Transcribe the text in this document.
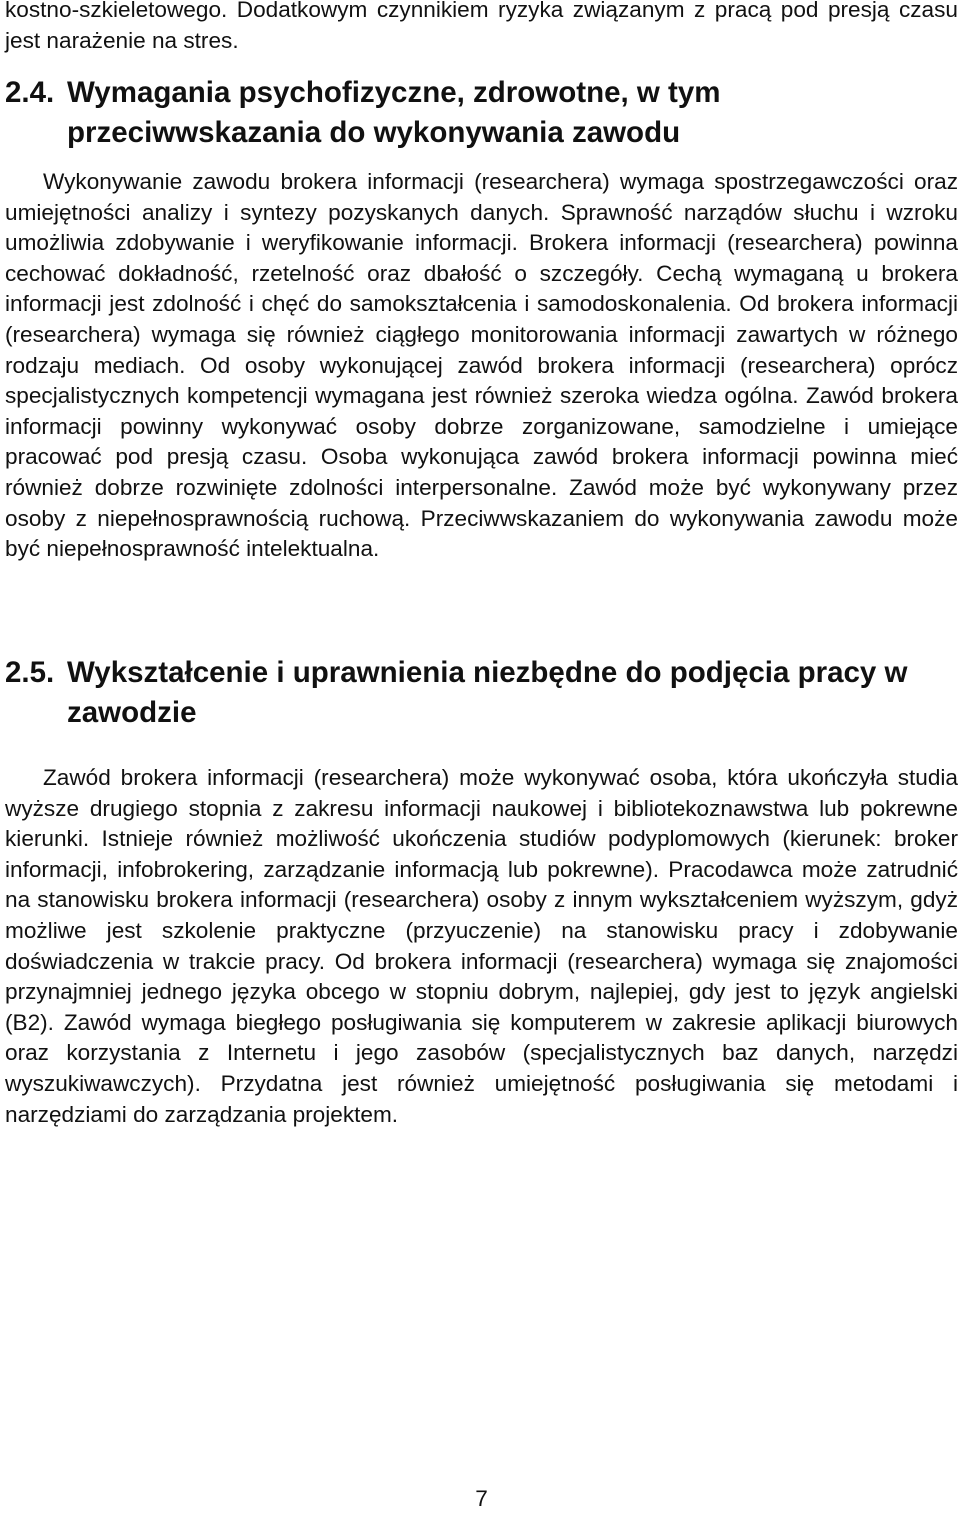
kostno-szkieletowego. Dodatkowym czynnikiem ryzyka związanym z pracą pod presją czasu jest narażenie na stres.

2.4. Wymagania psychofizyczne, zdrowotne, w tym przeciwwskazania do wykonywania zawodu

Wykonywanie zawodu brokera informacji (researchera) wymaga spostrzegawczości oraz umiejętności analizy i syntezy pozyskanych danych. Sprawność narządów słuchu i wzroku umożliwia zdobywanie i weryfikowanie informacji. Brokera informacji (researchera) powinna cechować dokładność, rzetelność oraz dbałość o szczegóły. Cechą wymaganą u brokera informacji jest zdolność i chęć do samokształcenia i samodoskonalenia. Od brokera informacji (researchera) wymaga się również ciągłego monitorowania informacji zawartych w różnego rodzaju mediach. Od osoby wykonującej zawód brokera informacji (researchera) oprócz specjalistycznych kompetencji wymagana jest również szeroka wiedza ogólna. Zawód brokera informacji powinny wykonywać osoby dobrze zorganizowane, samodzielne i umiejące pracować pod presją czasu. Osoba wykonująca zawód brokera informacji powinna mieć również dobrze rozwinięte zdolności interpersonalne. Zawód może być wykonywany przez osoby z niepełnosprawnością ruchową. Przeciwwskazaniem do wykonywania zawodu może być niepełnosprawność intelektualna.

2.5. Wykształcenie i uprawnienia niezbędne do podjęcia pracy w zawodzie

Zawód brokera informacji (researchera) może wykonywać osoba, która ukończyła studia wyższe drugiego stopnia z zakresu informacji naukowej i bibliotekoznawstwa lub pokrewne kierunki. Istnieje również możliwość ukończenia studiów podyplomowych (kierunek: broker informacji, infobrokering, zarządzanie informacją lub pokrewne). Pracodawca może zatrudnić na stanowisku brokera informacji (researchera) osoby z innym wykształceniem wyższym, gdyż możliwe jest szkolenie praktyczne (przyuczenie) na stanowisku pracy i zdobywanie doświadczenia w trakcie pracy. Od brokera informacji (researchera) wymaga się znajomości przynajmniej jednego języka obcego w stopniu dobrym, najlepiej, gdy jest to język angielski (B2). Zawód wymaga biegłego posługiwania się komputerem w zakresie aplikacji biurowych oraz korzystania z Internetu i jego zasobów (specjalistycznych baz danych, narzędzi wyszukiwawczych). Przydatna jest również umiejętność posługiwania się metodami i narzędziami do zarządzania projektem.

7
